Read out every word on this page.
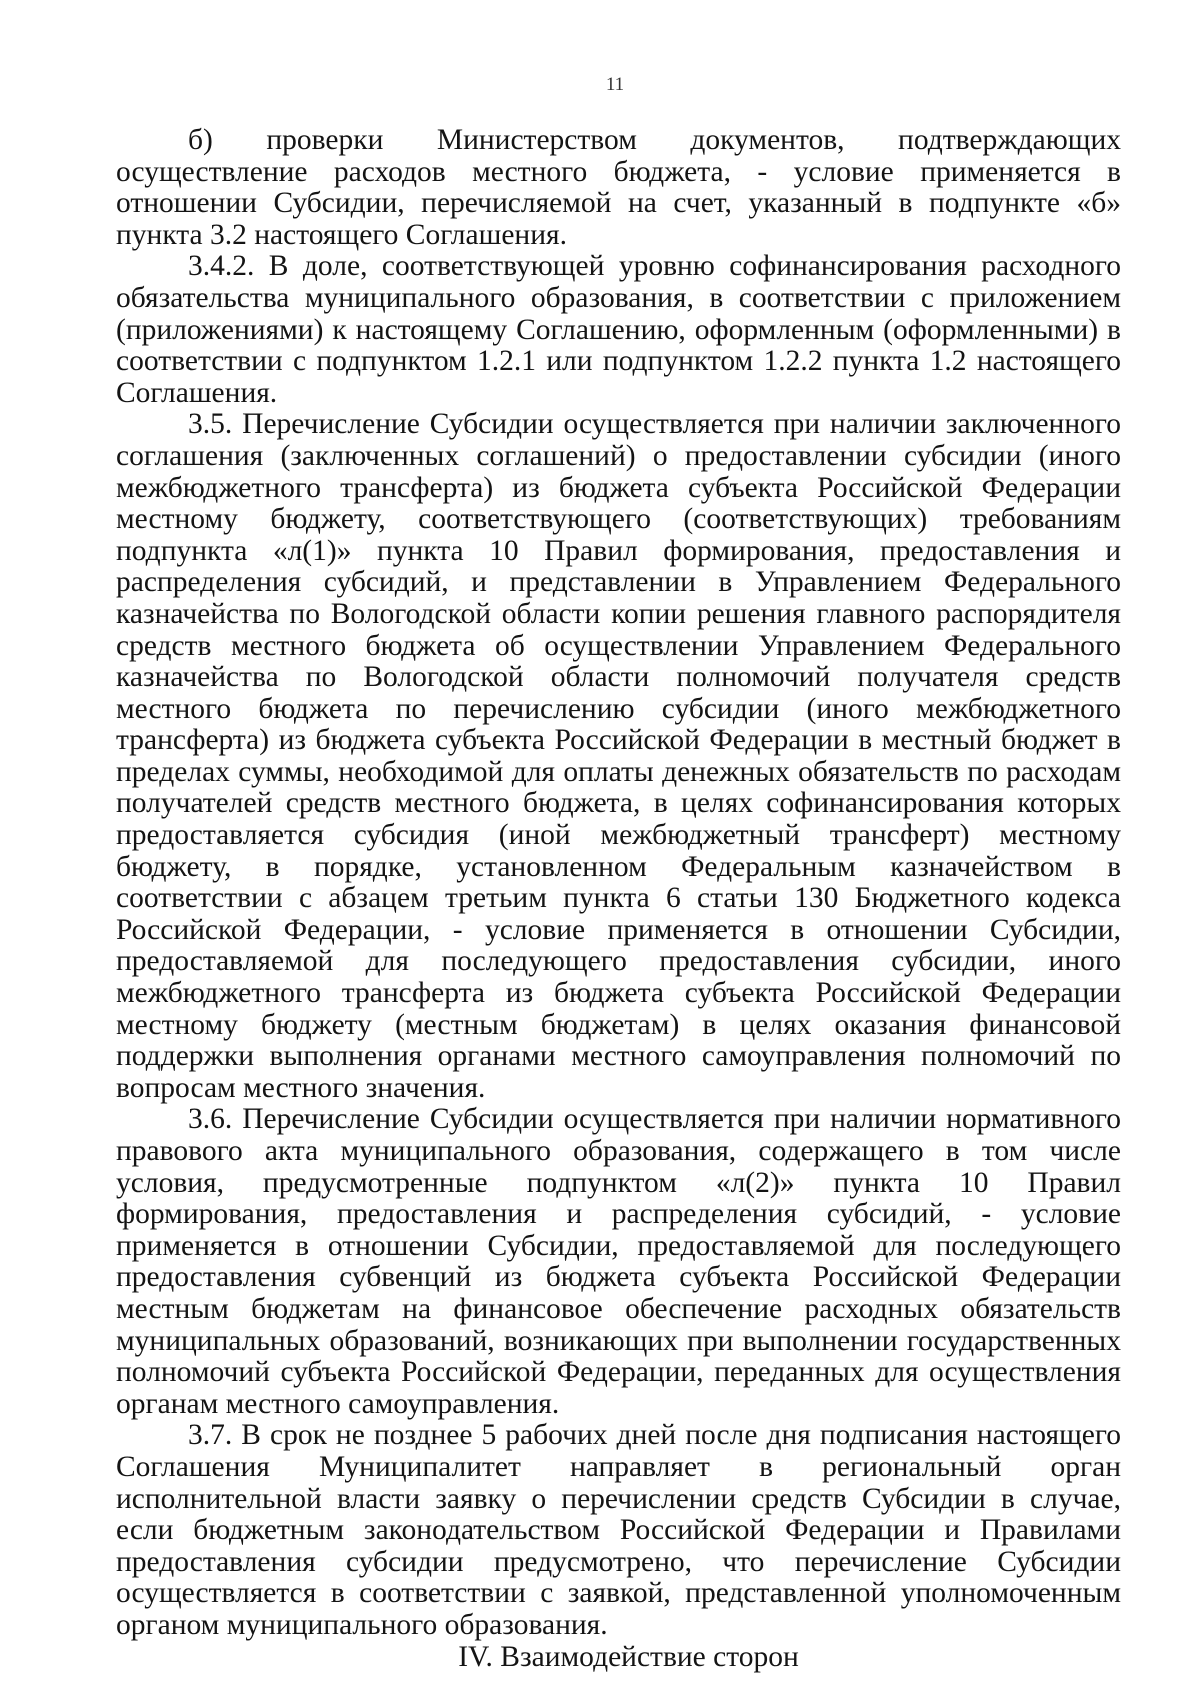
11

б) проверки Министерством документов, подтверждающих осуществление расходов местного бюджета, - условие применяется в отношении Субсидии, перечисляемой на счет, указанный в подпункте «б» пункта 3.2 настоящего Соглашения.

3.4.2. В доле, соответствующей уровню софинансирования расходного обязательства муниципального образования, в соответствии с приложением (приложениями) к настоящему Соглашению, оформленным (оформленными) в соответствии с подпунктом 1.2.1 или подпунктом 1.2.2 пункта 1.2 настоящего Соглашения.

3.5. Перечисление Субсидии осуществляется при наличии заключенного соглашения (заключенных соглашений) о предоставлении субсидии (иного межбюджетного трансферта) из бюджета субъекта Российской Федерации местному бюджету, соответствующего (соответствующих) требованиям подпункта «л(1)» пункта 10 Правил формирования, предоставления и распределения субсидий, и представлении в Управлением Федерального казначейства по Вологодской области копии решения главного распорядителя средств местного бюджета об осуществлении Управлением Федерального казначейства по Вологодской области полномочий получателя средств местного бюджета по перечислению субсидии (иного межбюджетного трансферта) из бюджета субъекта Российской Федерации в местный бюджет в пределах суммы, необходимой для оплаты денежных обязательств по расходам получателей средств местного бюджета, в целях софинансирования которых предоставляется субсидия (иной межбюджетный трансферт) местному бюджету, в порядке, установленном Федеральным казначейством в соответствии с абзацем третьим пункта 6 статьи 130 Бюджетного кодекса Российской Федерации, - условие применяется в отношении Субсидии, предоставляемой для последующего предоставления субсидии, иного межбюджетного трансферта из бюджета субъекта Российской Федерации местному бюджету (местным бюджетам) в целях оказания финансовой поддержки выполнения органами местного самоуправления полномочий по вопросам местного значения.

3.6. Перечисление Субсидии осуществляется при наличии нормативного правового акта муниципального образования, содержащего в том числе условия, предусмотренные подпунктом «л(2)» пункта 10 Правил формирования, предоставления и распределения субсидий, - условие применяется в отношении Субсидии, предоставляемой для последующего предоставления субвенций из бюджета субъекта Российской Федерации местным бюджетам на финансовое обеспечение расходных обязательств муниципальных образований, возникающих при выполнении государственных полномочий субъекта Российской Федерации, переданных для осуществления органам местного самоуправления.

3.7. В срок не позднее 5 рабочих дней после дня подписания настоящего Соглашения Муниципалитет направляет в региональный орган исполнительной власти заявку о перечислении средств Субсидии в случае, если бюджетным законодательством Российской Федерации и Правилами предоставления субсидии предусмотрено, что перечисление Субсидии осуществляется в соответствии с заявкой, представленной уполномоченным органом муниципального образования.

IV. Взаимодействие сторон
